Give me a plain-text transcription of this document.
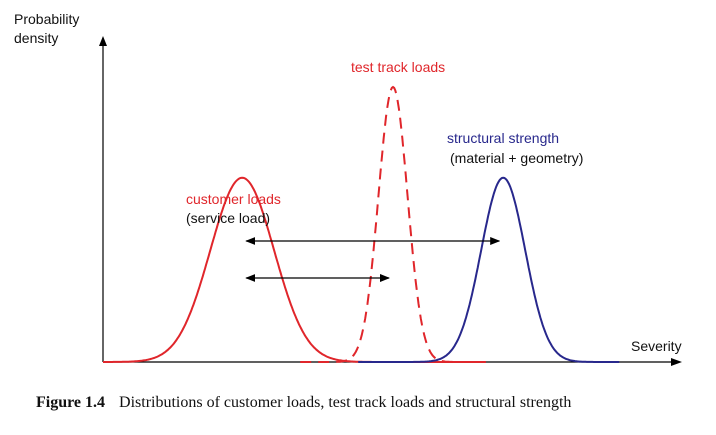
Probability
density
Severity
test track loads
structural strength
(material + geometry)
customer loads
(service load)
Figure 1.4 Distributions of customer loads, test track loads and structural strength
